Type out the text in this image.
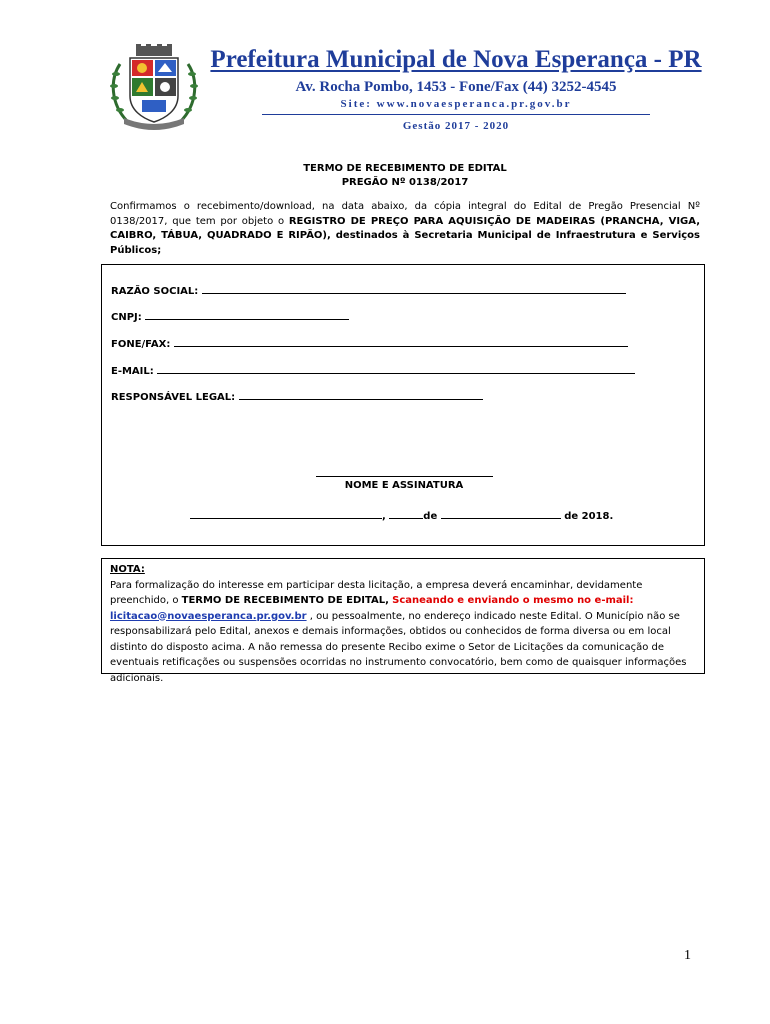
Prefeitura Municipal de Nova Esperança - PR
Av. Rocha Pombo, 1453 - Fone/Fax (44) 3252-4545
Site: www.novaesperanca.pr.gov.br
Gestão 2017 - 2020
TERMO DE RECEBIMENTO DE EDITAL
PREGÃO Nº 0138/2017
Confirmamos o recebimento/download, na data abaixo, da cópia integral do Edital de Pregão Presencial Nº 0138/2017, que tem por objeto o REGISTRO DE PREÇO PARA AQUISIÇÃO DE MADEIRAS (PRANCHA, VIGA, CAIBRO, TÁBUA, QUADRADO E RIPÃO), destinados à Secretaria Municipal de Infraestrutura e Serviços Públicos;
RAZÃO SOCIAL:
CNPJ:
FONE/FAX:
E-MAIL:
RESPONSÁVEL LEGAL:
NOME E ASSINATURA
,	de	de 2018.
NOTA:
Para formalização do interesse em participar desta licitação, a empresa deverá encaminhar, devidamente preenchido, o TERMO DE RECEBIMENTO DE EDITAL, Scaneando e enviando o mesmo no e-mail: licitacao@novaesperanca.pr.gov.br , ou pessoalmente, no endereço indicado neste Edital. O Município não se responsabilizará pelo Edital, anexos e demais informações, obtidos ou conhecidos de forma diversa ou em local distinto do disposto acima. A não remessa do presente Recibo exime o Setor de Licitações da comunicação de eventuais retificações ou suspensões ocorridas no instrumento convocatório, bem como de quaisquer informações adicionais.
1
